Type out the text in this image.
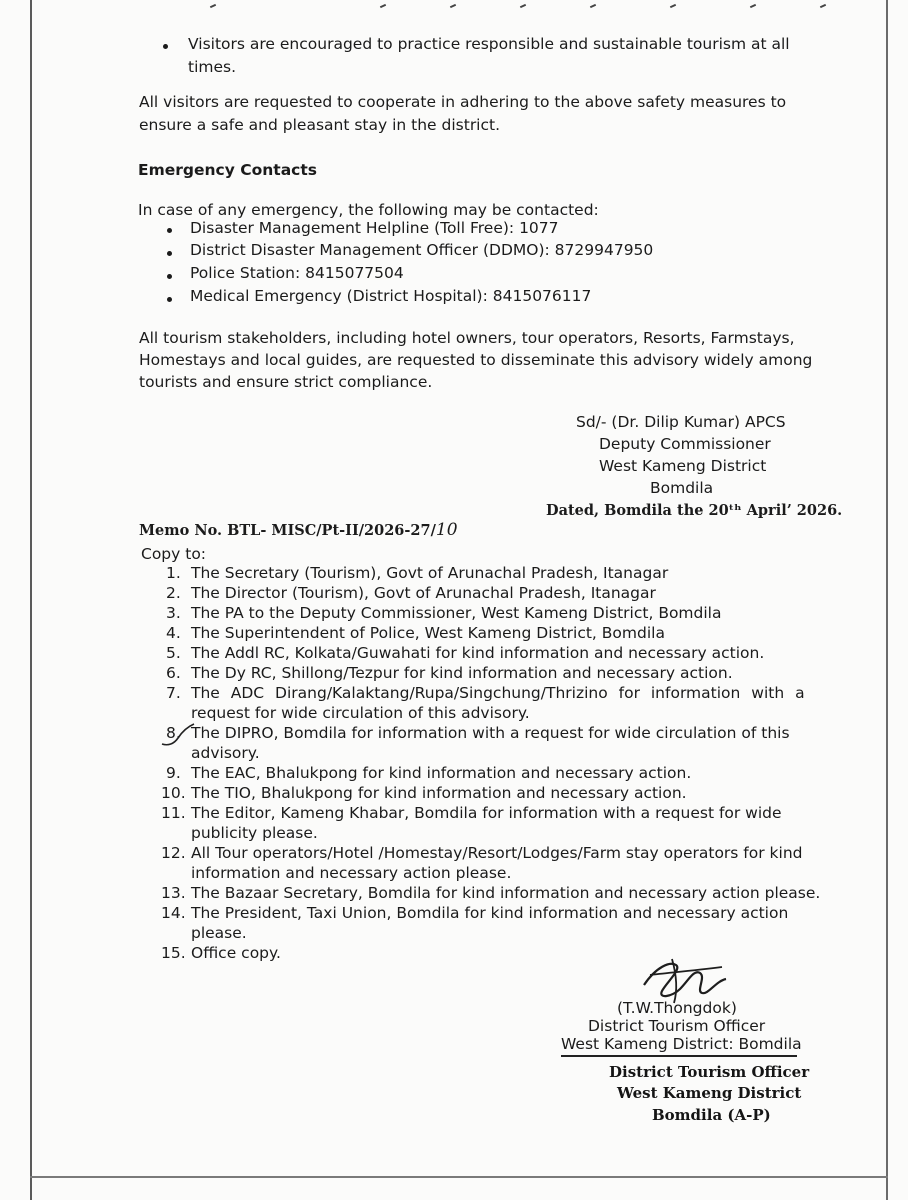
Visitors are encouraged to practice responsible and sustainable tourism at all
times.
All visitors are requested to cooperate in adhering to the above safety measures to
ensure a safe and pleasant stay in the district.
Emergency Contacts
In case of any emergency, the following may be contacted:
Disaster Management Helpline (Toll Free): 1077
District Disaster Management Officer (DDMO): 8729947950
Police Station: 8415077504
Medical Emergency (District Hospital): 8415076117
All tourism stakeholders, including hotel owners, tour operators, Resorts, Farmstays,
Homestays and local guides, are requested to disseminate this advisory widely among
tourists and ensure strict compliance.
Sd/- (Dr. Dilip Kumar) APCS
Deputy Commissioner
West Kameng District
Bomdila
Memo No. BTL- MISC/Pt-II/2026-27/10
Dated, Bomdila the 20ᵗʰ April’ 2026.
Copy to:
1. The Secretary (Tourism), Govt of Arunachal Pradesh, Itanagar
2. The Director (Tourism), Govt of Arunachal Pradesh, Itanagar
3. The PA to the Deputy Commissioner, West Kameng District, Bomdila
4. The Superintendent of Police, West Kameng District, Bomdila
5. The Addl RC, Kolkata/Guwahati for kind information and necessary action.
6. The Dy RC, Shillong/Tezpur for kind information and necessary action.
7. The ADC Dirang/Kalaktang/Rupa/Singchung/Thrizino for information with a
request for wide circulation of this advisory.
8. The DIPRO, Bomdila for information with a request for wide circulation of this
advisory.
9. The EAC, Bhalukpong for kind information and necessary action.
10. The TIO, Bhalukpong for kind information and necessary action.
11. The Editor, Kameng Khabar, Bomdila for information with a request for wide
publicity please.
12. All Tour operators/Hotel /Homestay/Resort/Lodges/Farm stay operators for kind
information and necessary action please.
13. The Bazaar Secretary, Bomdila for kind information and necessary action please.
14. The President, Taxi Union, Bomdila for kind information and necessary action
please.
15. Office copy.
(T.W.Thongdok)
District Tourism Officer
West Kameng District: Bomdila
District Tourism Officer
West Kameng District
Bomdila (A-P)
